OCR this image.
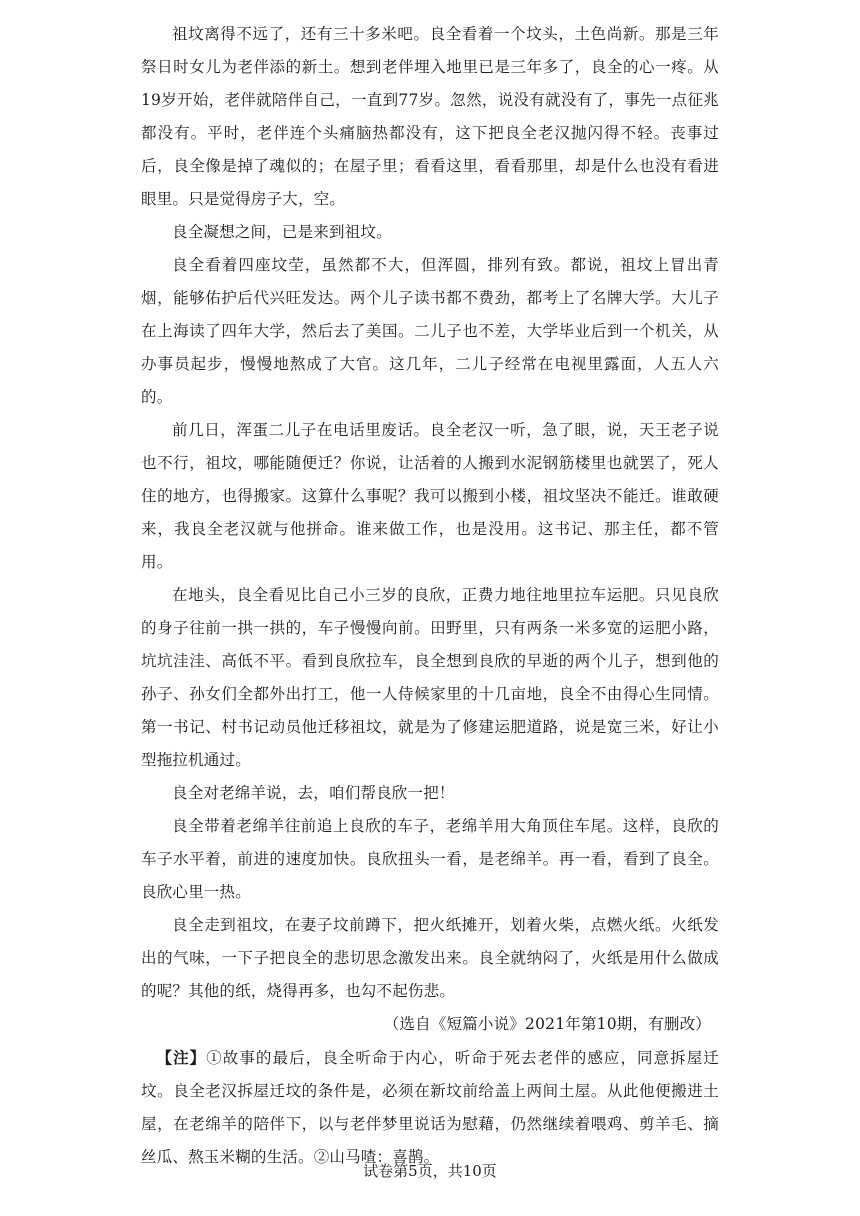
祖坟离得不远了，还有三十多米吧。良全看着一个坟头，土色尚新。那是三年祭日时女儿为老伴添的新土。想到老伴埋入地里已是三年多了，良全的心一疼。从19岁开始，老伴就陪伴自己，一直到77岁。忽然，说没有就没有了，事先一点征兆都没有。平时，老伴连个头痛脑热都没有，这下把良全老汉抛闪得不轻。丧事过后，良全像是掉了魂似的；在屋子里；看看这里，看看那里，却是什么也没有看进眼里。只是觉得房子大，空。

良全凝想之间，已是来到祖坟。

良全看着四座坟茔，虽然都不大，但浑圆，排列有致。都说，祖坟上冒出青烟，能够佑护后代兴旺发达。两个儿子读书都不费劲，都考上了名牌大学。大儿子在上海读了四年大学，然后去了美国。二儿子也不差，大学毕业后到一个机关，从办事员起步，慢慢地熬成了大官。这几年，二儿子经常在电视里露面，人五人六的。

前几日，浑蛋二儿子在电话里废话。良全老汉一听，急了眼，说，天王老子说也不行，祖坟，哪能随便迁？你说，让活着的人搬到水泥钢筋楼里也就罢了，死人住的地方，也得搬家。这算什么事呢？我可以搬到小楼，祖坟坚决不能迁。谁敢硬来，我良全老汉就与他拼命。谁来做工作，也是没用。这书记、那主任，都不管用。

在地头，良全看见比自己小三岁的良欣，正费力地往地里拉车运肥。只见良欣的身子往前一拱一拱的，车子慢慢向前。田野里，只有两条一米多宽的运肥小路，坑坑洼洼、高低不平。看到良欣拉车，良全想到良欣的早逝的两个儿子，想到他的孙子、孙女们全都外出打工，他一人侍候家里的十几亩地，良全不由得心生同情。第一书记、村书记动员他迁移祖坟，就是为了修建运肥道路，说是宽三米，好让小型拖拉机通过。

良全对老绵羊说，去，咱们帮良欣一把！

良全带着老绵羊往前追上良欣的车子，老绵羊用大角顶住车尾。这样，良欣的车子水平着，前进的速度加快。良欣扭头一看，是老绵羊。再一看，看到了良全。良欣心里一热。

良全走到祖坟，在妻子坟前蹲下，把火纸摊开，划着火柴，点燃火纸。火纸发出的气味，一下子把良全的悲切思念激发出来。良全就纳闷了，火纸是用什么做成的呢？其他的纸，烧得再多，也勾不起伤悲。

（选自《短篇小说》2021年第10期，有删改）

【注】①故事的最后，良全听命于内心，听命于死去老伴的感应，同意拆屋迁坟。良全老汉拆屋迁坟的条件是，必须在新坟前给盖上两间土屋。从此他便搬进土屋，在老绵羊的陪伴下，以与老伴梦里说话为慰藉，仍然继续着喂鸡、剪羊毛、摘丝瓜、熬玉米糊的生活。②山马喳：喜鹊。

试卷第5页，共10页
